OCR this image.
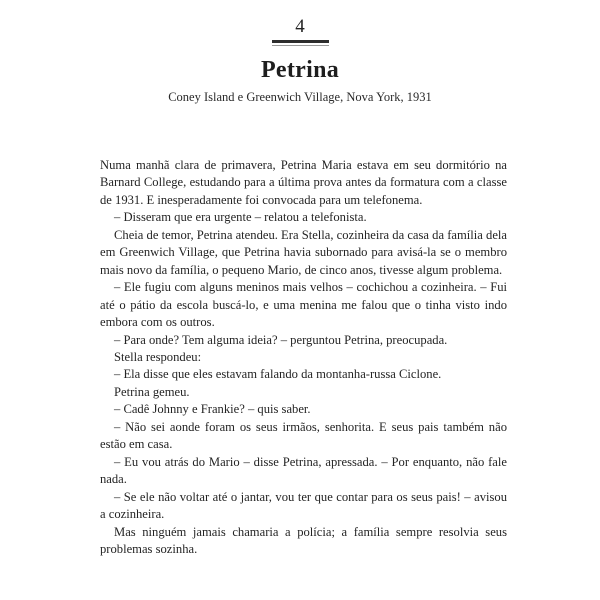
4
Petrina
Coney Island e Greenwich Village, Nova York, 1931

Numa manhã clara de primavera, Petrina Maria estava em seu dormitório na Barnard College, estudando para a última prova antes da formatura com a classe de 1931. E inesperadamente foi convocada para um telefonema.

– Disseram que era urgente – relatou a telefonista.

Cheia de temor, Petrina atendeu. Era Stella, cozinheira da casa da família dela em Greenwich Village, que Petrina havia subornado para avisá-la se o membro mais novo da família, o pequeno Mario, de cinco anos, tivesse algum problema.

– Ele fugiu com alguns meninos mais velhos – cochichou a cozinheira. – Fui até o pátio da escola buscá-lo, e uma menina me falou que o tinha visto indo embora com os outros.

– Para onde? Tem alguma ideia? – perguntou Petrina, preocupada.

Stella respondeu:

– Ela disse que eles estavam falando da montanha-russa Ciclone.

Petrina gemeu.

– Cadê Johnny e Frankie? – quis saber.

– Não sei aonde foram os seus irmãos, senhorita. E seus pais também não estão em casa.

– Eu vou atrás do Mario – disse Petrina, apressada. – Por enquanto, não fale nada.

– Se ele não voltar até o jantar, vou ter que contar para os seus pais! – avisou a cozinheira.

Mas ninguém jamais chamaria a polícia; a família sempre resolvia seus problemas sozinha.
